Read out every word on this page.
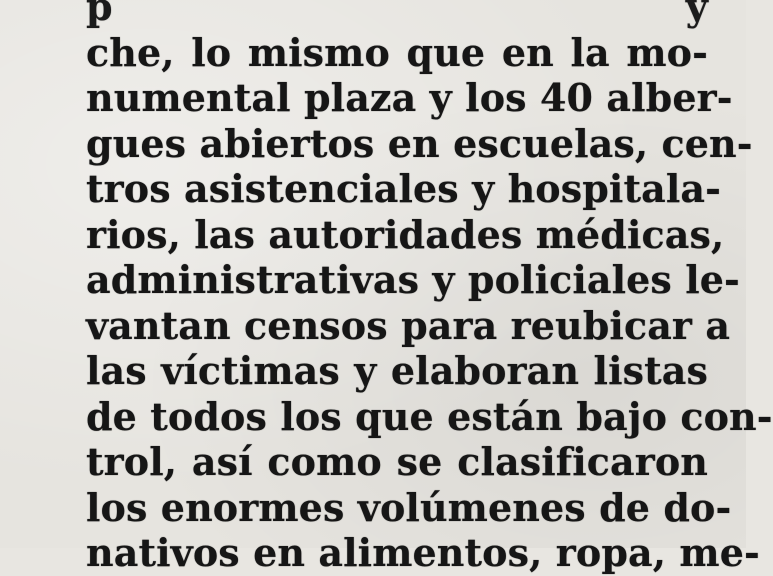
p y
che, lo mismo que en la mo-
numental plaza y los 40 alber-
gues abiertos en escuelas, cen-
tros asistenciales y hospitala-
rios, las autoridades médicas,
administrativas y policiales le-
vantan censos para reubicar a
las víctimas y elaboran listas
de todos los que están bajo con-
trol, así como se clasificaron
los enormes volúmenes de do-
nativos en alimentos, ropa, me-
